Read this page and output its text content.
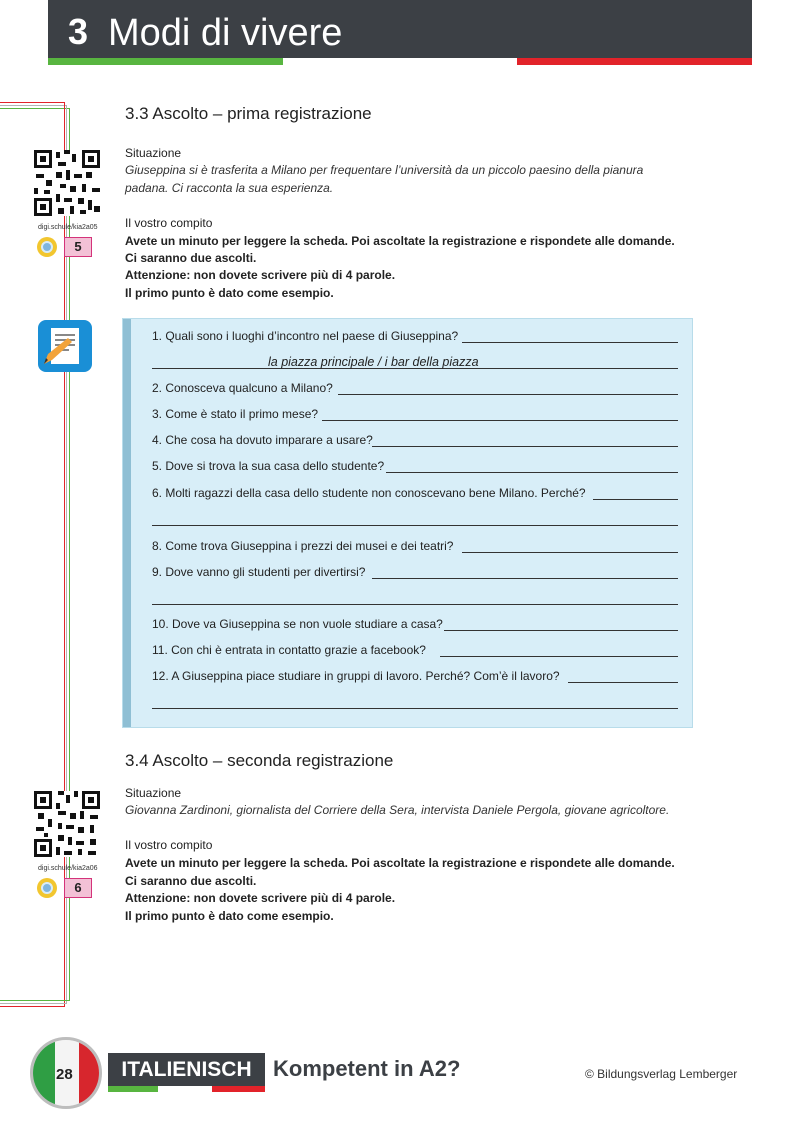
3 Modi di vivere
digi.schule/kia2a05
5
3.3 Ascolto – prima registrazione
Situazione
Giuseppina si è trasferita a Milano per frequentare l’università da un piccolo paesino della pianura
padana. Ci racconta la sua esperienza.
Il vostro compito
Avete un minuto per leggere la scheda. Poi ascoltate la registrazione e rispondete alle domande.
Ci saranno due ascolti.
Attenzione: non dovete scrivere più di 4 parole.
Il primo punto è dato come esempio.
1. Quali sono i luoghi d’incontro nel paese di Giuseppina?
la piazza principale / i bar della piazza
2. Conosceva qualcuno a Milano?
3. Come è stato il primo mese?
4. Che cosa ha dovuto imparare a usare?
5. Dove si trova la sua casa dello studente?
6. Molti ragazzi della casa dello studente non conoscevano bene Milano. Perché?
8. Come trova Giuseppina i prezzi dei musei e dei teatri?
9. Dove vanno gli studenti per divertirsi?
10. Dove va Giuseppina se non vuole studiare a casa?
11. Con chi è entrata in contatto grazie a facebook?
12. A Giuseppina piace studiare in gruppi di lavoro. Perché? Com’è il lavoro?
3.4 Ascolto – seconda registrazione
Situazione
Giovanna Zardinoni, giornalista del Corriere della Sera, intervista Daniele Pergola, giovane agricoltore.
Il vostro compito
Avete un minuto per leggere la scheda. Poi ascoltate la registrazione e rispondete alle domande.
Ci saranno due ascolti.
Attenzione: non dovete scrivere più di 4 parole.
Il primo punto è dato come esempio.
digi.schule/kia2a06
6
28	ITALIENISCH Kompetent in A2?	© Bildungsverlag Lemberger
